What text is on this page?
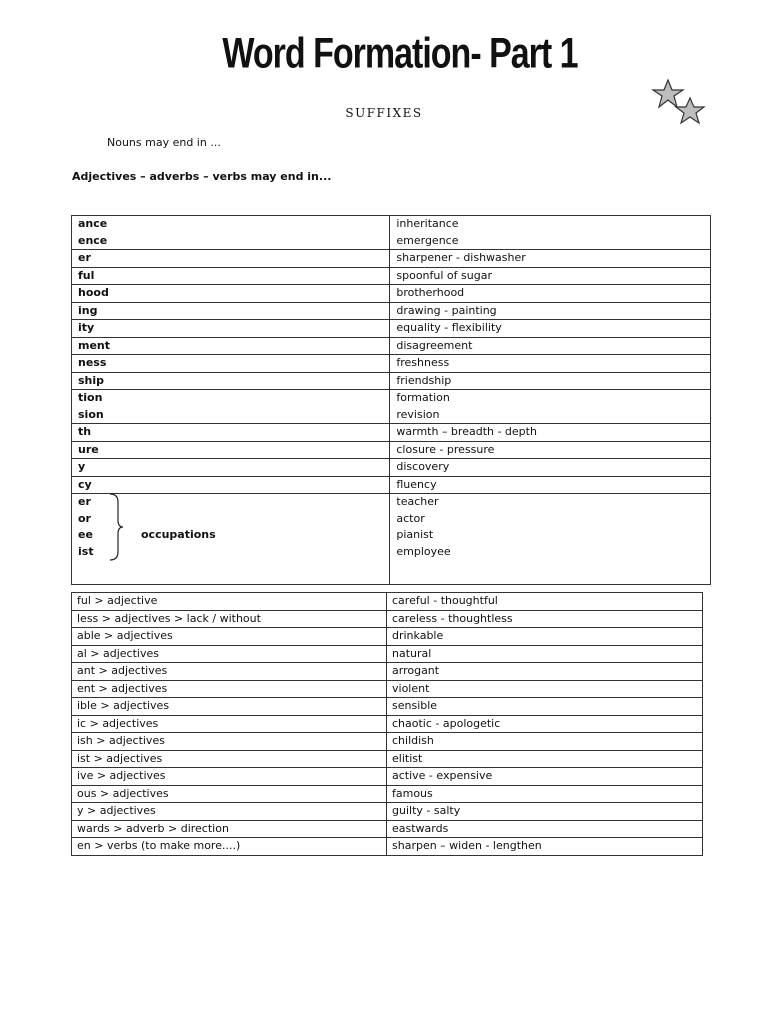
Word Formation- Part 1
SUFFIXES
Nouns may end in ...
Adjectives – adverbs – verbs may end in...
ance	inheritance
ence	emergence
er	sharpener - dishwasher
ful	spoonful of sugar
hood	brotherhood
ing	drawing - painting
ity	equality - flexibility
ment	disagreement
ness	freshness
ship	friendship
tion	formation
sion	revision
th	warmth – breadth - depth
ure	closure - pressure
y	discovery
cy	fluency
er	teacher
or	actor
ee occupations	pianist
ist	employee

ful > adjective	careful - thoughtful
less > adjectives > lack / without	careless - thoughtless
able > adjectives	drinkable
al > adjectives	natural
ant > adjectives	arrogant
ent > adjectives	violent
ible > adjectives	sensible
ic > adjectives	chaotic - apologetic
ish > adjectives	childish
ist > adjectives	elitist
ive > adjectives	active - expensive
ous > adjectives	famous
y > adjectives	guilty - salty
wards > adverb > direction	eastwards
en > verbs (to make more....)	sharpen – widen - lengthen
